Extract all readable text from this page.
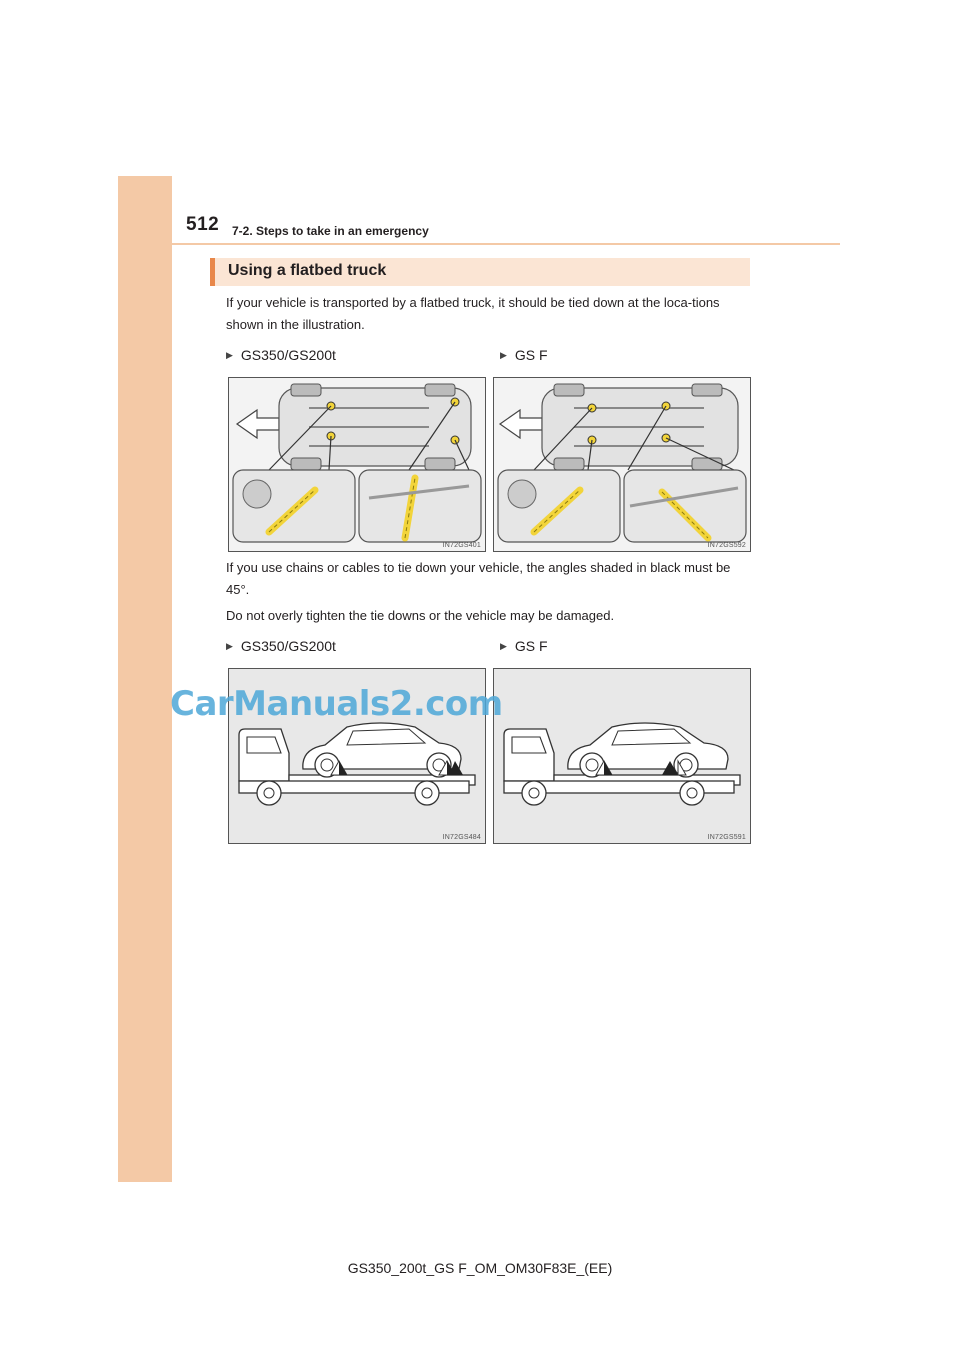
512 7-2. Steps to take in an emergency
Using a flatbed truck
If your vehicle is transported by a flatbed truck, it should be tied down at the loca-tions shown in the illustration.
▶ GS350/GS200t	▶ GS F
IN72GS401	IN72GS592
If you use chains or cables to tie down your vehicle, the angles shaded in black must be 45°.
Do not overly tighten the tie downs or the vehicle may be damaged.
▶ GS350/GS200t	▶ GS F
IN72GS484	IN72GS591
CarManuals2.com
GS350_200t_GS F_OM_OM30F83E_(EE)
